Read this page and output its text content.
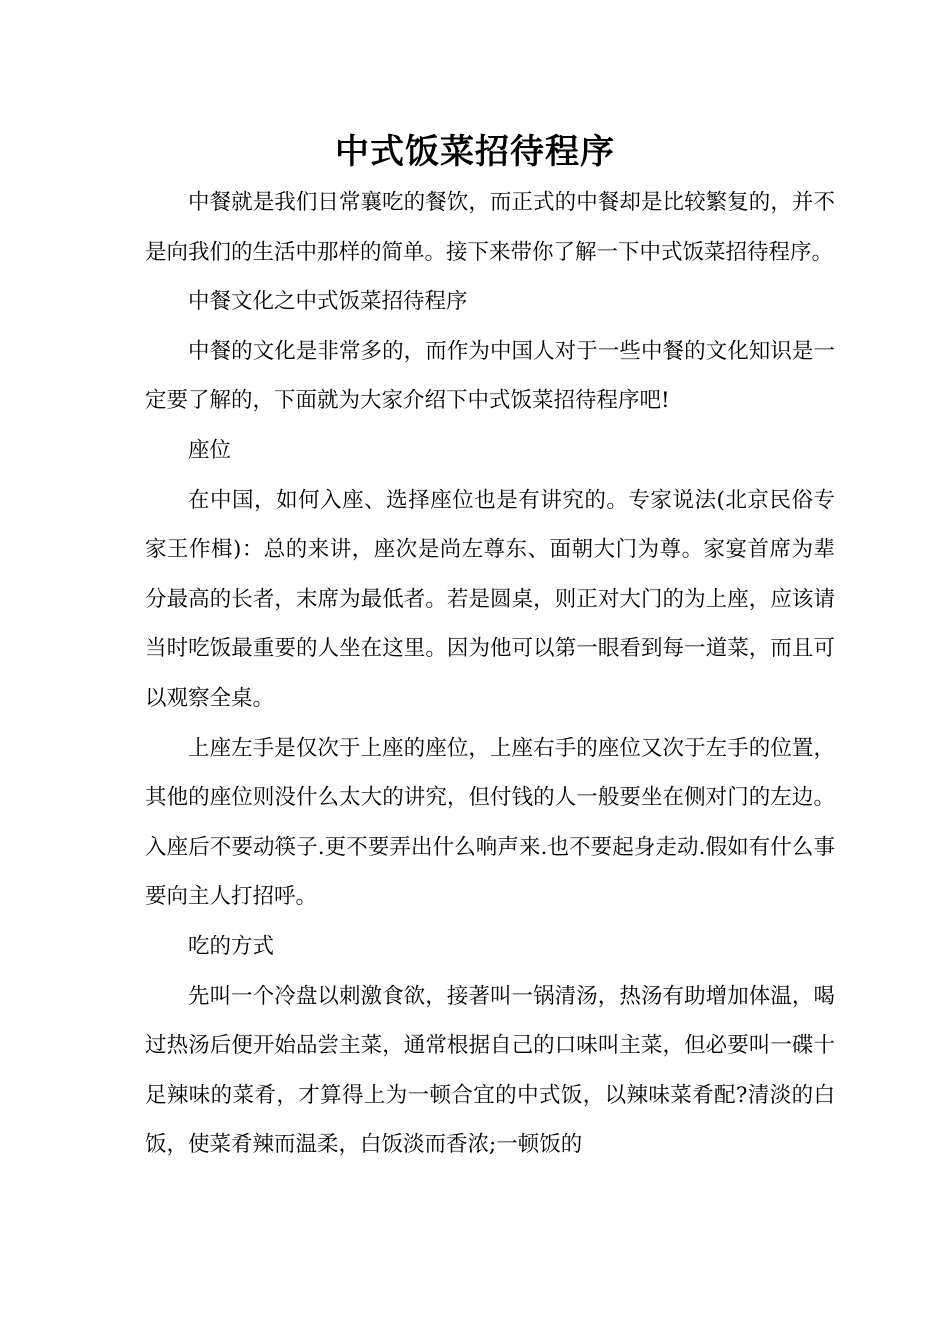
中式饭菜招待程序

中餐就是我们日常襄吃的餐饮，而正式的中餐却是比较繁复的，并不是向我们的生活中那样的简单。接下来带你了解一下中式饭菜招待程序。

中餐文化之中式饭菜招待程序

中餐的文化是非常多的，而作为中国人对于一些中餐的文化知识是一定要了解的，下面就为大家介绍下中式饭菜招待程序吧!

座位

在中国，如何入座、选择座位也是有讲究的。专家说法(北京民俗专家王作楫)：总的来讲，座次是尚左尊东、面朝大门为尊。家宴首席为辈分最高的长者，末席为最低者。若是圆桌，则正对大门的为上座，应该请当时吃饭最重要的人坐在这里。因为他可以第一眼看到每一道菜，而且可以观察全桌。

上座左手是仅次于上座的座位，上座右手的座位又次于左手的位置，其他的座位则没什么太大的讲究，但付钱的人一般要坐在侧对门的左边。入座后不要动筷子.更不要弄出什么响声来.也不要起身走动.假如有什么事要向主人打招呼。

吃的方式

先叫一个冷盘以刺激食欲，接著叫一锅清汤，热汤有助增加体温，喝过热汤后便开始品尝主菜，通常根据自己的口味叫主菜，但必要叫一碟十足辣味的菜肴，才算得上为一顿合宜的中式饭，以辣味菜肴配?清淡的白饭，使菜肴辣而温柔，白饭淡而香浓;一顿饭的
